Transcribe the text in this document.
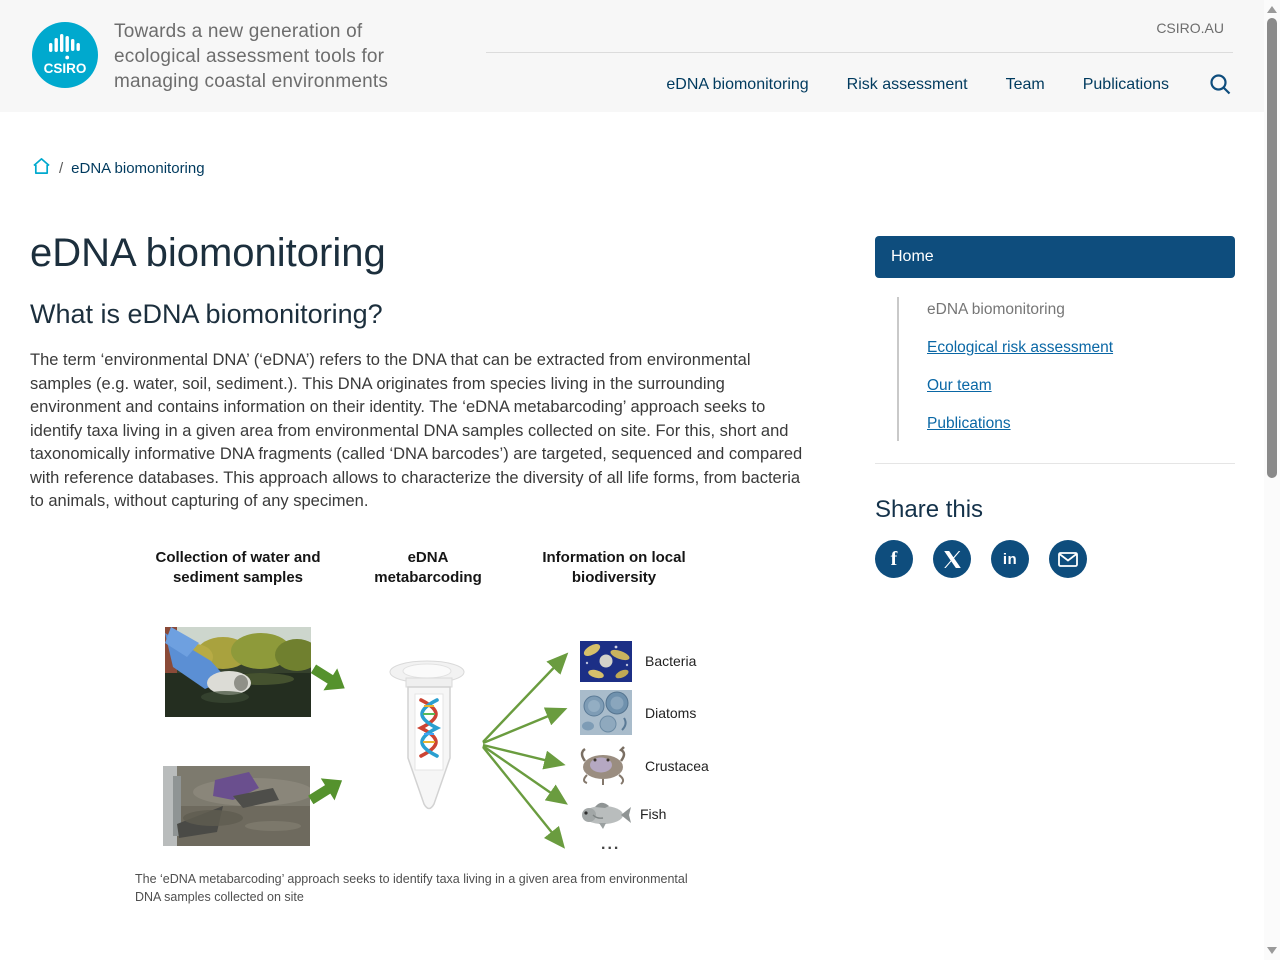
CSIRO
Towards a new generation of
ecological assessment tools for
managing coastal environments
CSIRO.AU
eDNA biomonitoring Risk assessment Team Publications
/ eDNA biomonitoring
eDNA biomonitoring
What is eDNA biomonitoring?

The term ‘environmental DNA’ (‘eDNA’) refers to the DNA that can be extracted from environmental samples (e.g. water, soil, sediment.). This DNA originates from species living in the surrounding environment and contains information on their identity. The ‘eDNA metabarcoding’ approach seeks to identify taxa living in a given area from environmental DNA samples collected on site. For this, short and taxonomically informative DNA fragments (called ‘DNA barcodes’) are targeted, sequenced and compared with reference databases. This approach allows to characterize the diversity of all life forms, from bacteria to animals, without capturing of any specimen.

Collection of water and sediment samples
eDNA metabarcoding
Information on local biodiversity
Bacteria
Diatoms
Crustacea
Fish
...

The ‘eDNA metabarcoding’ approach seeks to identify taxa living in a given area from environmental DNA samples collected on site

Home
eDNA biomonitoring
Ecological risk assessment
Our team
Publications
Share this
f	in
